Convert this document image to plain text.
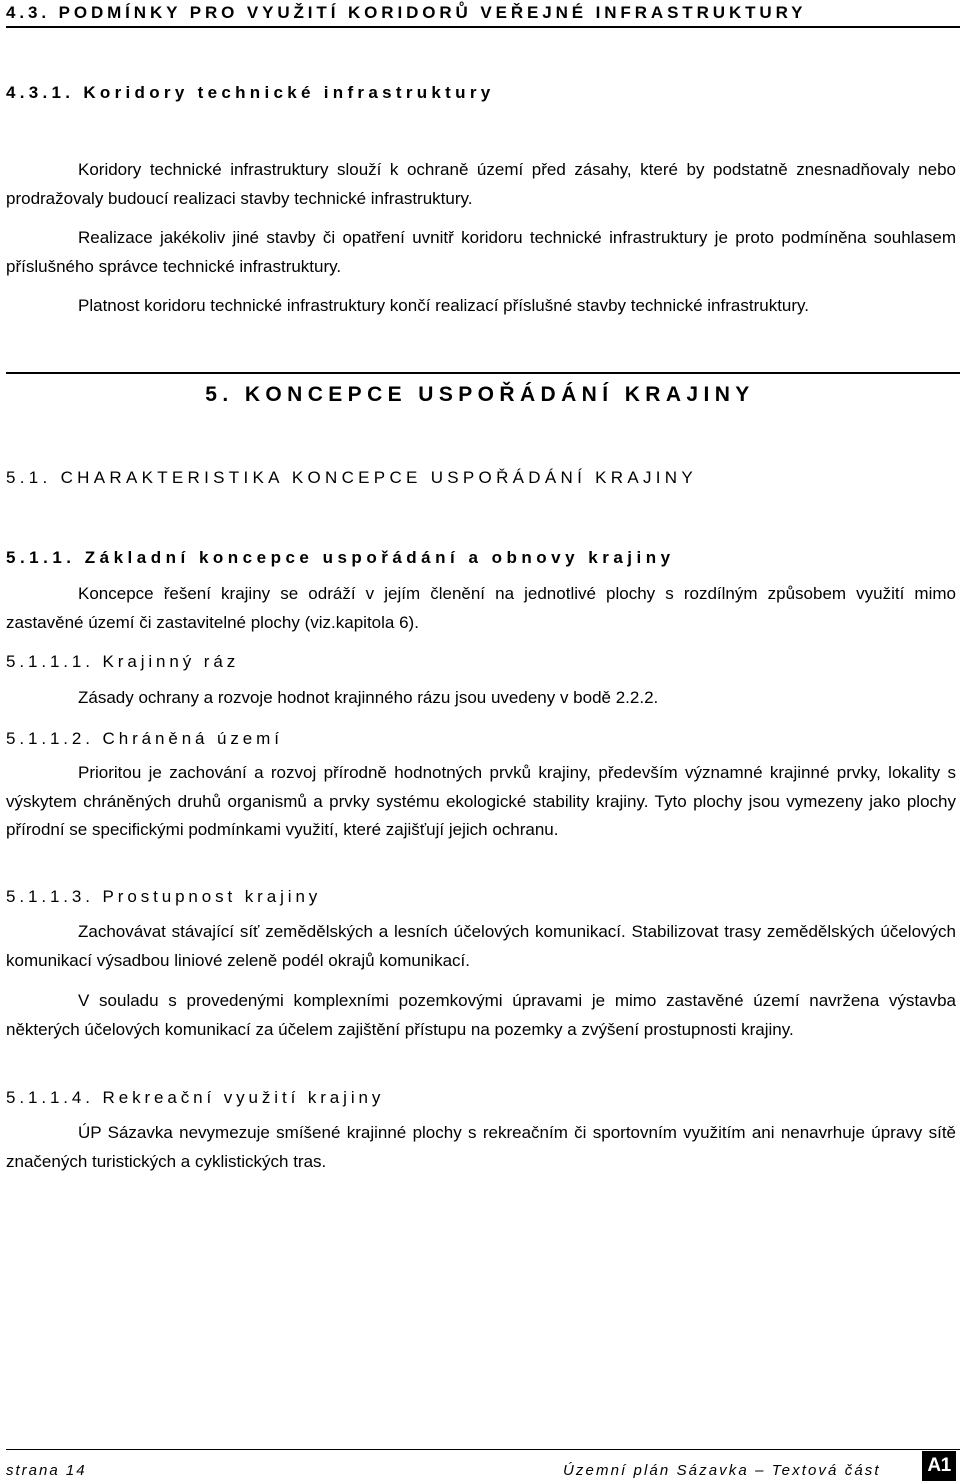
4.3. PODMÍNKY PRO VYUŽITÍ KORIDORŮ VEŘEJNÉ INFRASTRUKTURY
4.3.1. Koridory technické infrastruktury

Koridory technické infrastruktury slouží k ochraně území před zásahy, které by podstatně znesnadňovaly nebo prodražovaly budoucí realizaci stavby technické infrastruktury.

Realizace jakékoliv jiné stavby či opatření uvnitř koridoru technické infrastruktury je proto podmíněna souhlasem příslušného správce technické infrastruktury.

Platnost koridoru technické infrastruktury končí realizací příslušné stavby technické infrastruktury.

5. KONCEPCE USPOŘÁDÁNÍ KRAJINY
5.1. CHARAKTERISTIKA KONCEPCE USPOŘÁDÁNÍ KRAJINY
5.1.1. Základní koncepce uspořádání a obnovy krajiny

Koncepce řešení krajiny se odráží v jejím členění na jednotlivé plochy s rozdílným způsobem využití mimo zastavěné území či zastavitelné plochy (viz.kapitola 6).

5.1.1.1. Krajinný ráz

Zásady ochrany a rozvoje hodnot krajinného rázu jsou uvedeny v bodě 2.2.2.

5.1.1.2. Chráněná území

Prioritou je zachování a rozvoj přírodně hodnotných prvků krajiny, především významné krajinné prvky, lokality s výskytem chráněných druhů organismů a prvky systému ekologické stability krajiny. Tyto plochy jsou vymezeny jako plochy přírodní se specifickými podmínkami využití, které zajišťují jejich ochranu.

5.1.1.3. Prostupnost krajiny

Zachovávat stávající síť zemědělských a lesních účelových komunikací. Stabilizovat trasy zemědělských účelových komunikací výsadbou liniové zeleně podél okrajů komunikací.

V souladu s provedenými komplexními pozemkovými úpravami je mimo zastavěné území navržena výstavba některých účelových komunikací za účelem zajištění přístupu na pozemky a zvýšení prostupnosti krajiny.

5.1.1.4. Rekreační využití krajiny

ÚP Sázavka nevymezuje smíšené krajinné plochy s rekreačním či sportovním využitím ani nenavrhuje úpravy sítě značených turistických a cyklistických tras.

strana 14	Územní plán Sázavka – Textová část A1
